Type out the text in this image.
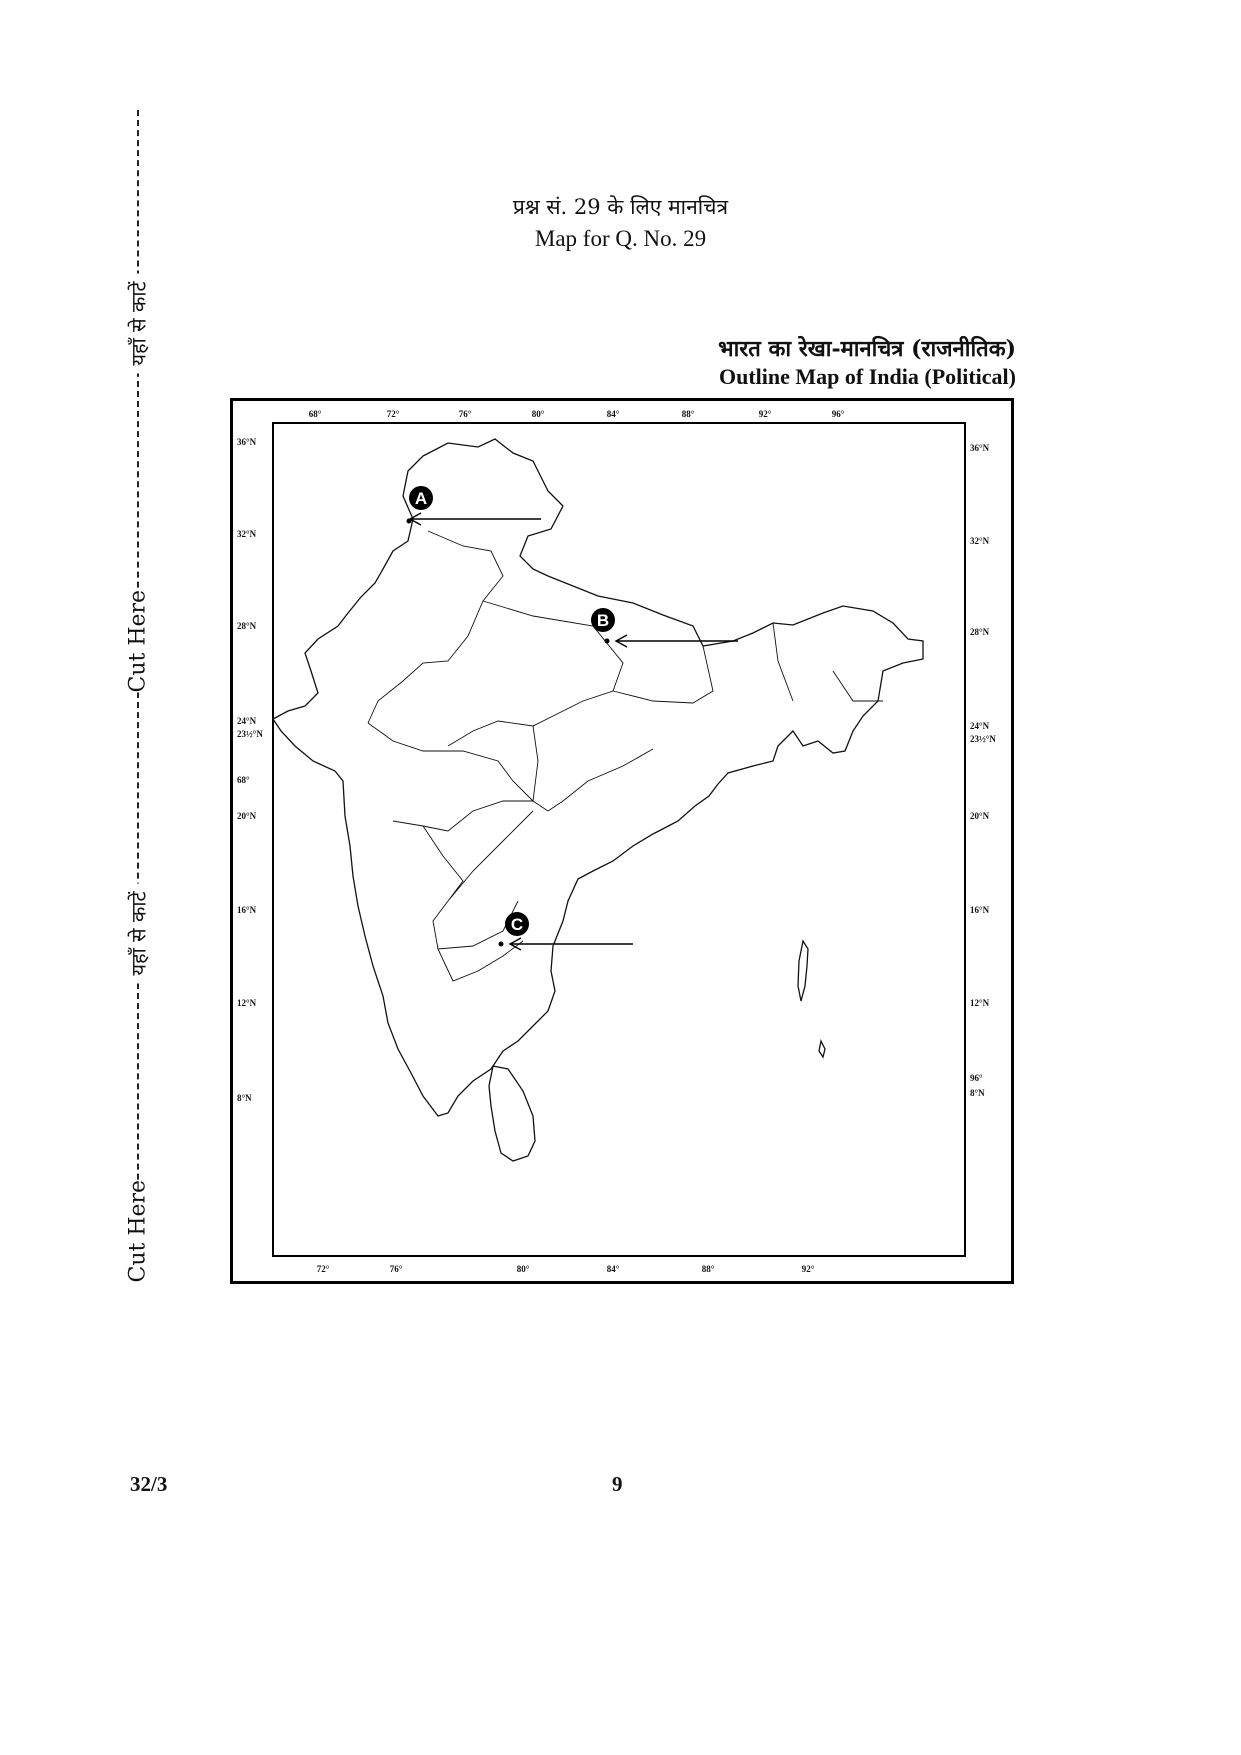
यहाँ से काटें
Cut Here
यहाँ से काटें
Cut Here
प्रश्न सं. 29 के लिए मानचित्र
Map for Q. No. 29
भारत का रेखा-मानचित्र (राजनीतिक)
Outline Map of India (Political)
68°	72°	76°	80°	84°	88°	92°	96°
72°	76°	80°	84°	88°	92°
36°N
32°N
28°N
24°N
23½°N
68°
20°N
16°N
12°N
8°N
36°N
32°N
28°N
24°N
23½°N
20°N
16°N
12°N
96°
8°N
A
B
C
32/3	9
